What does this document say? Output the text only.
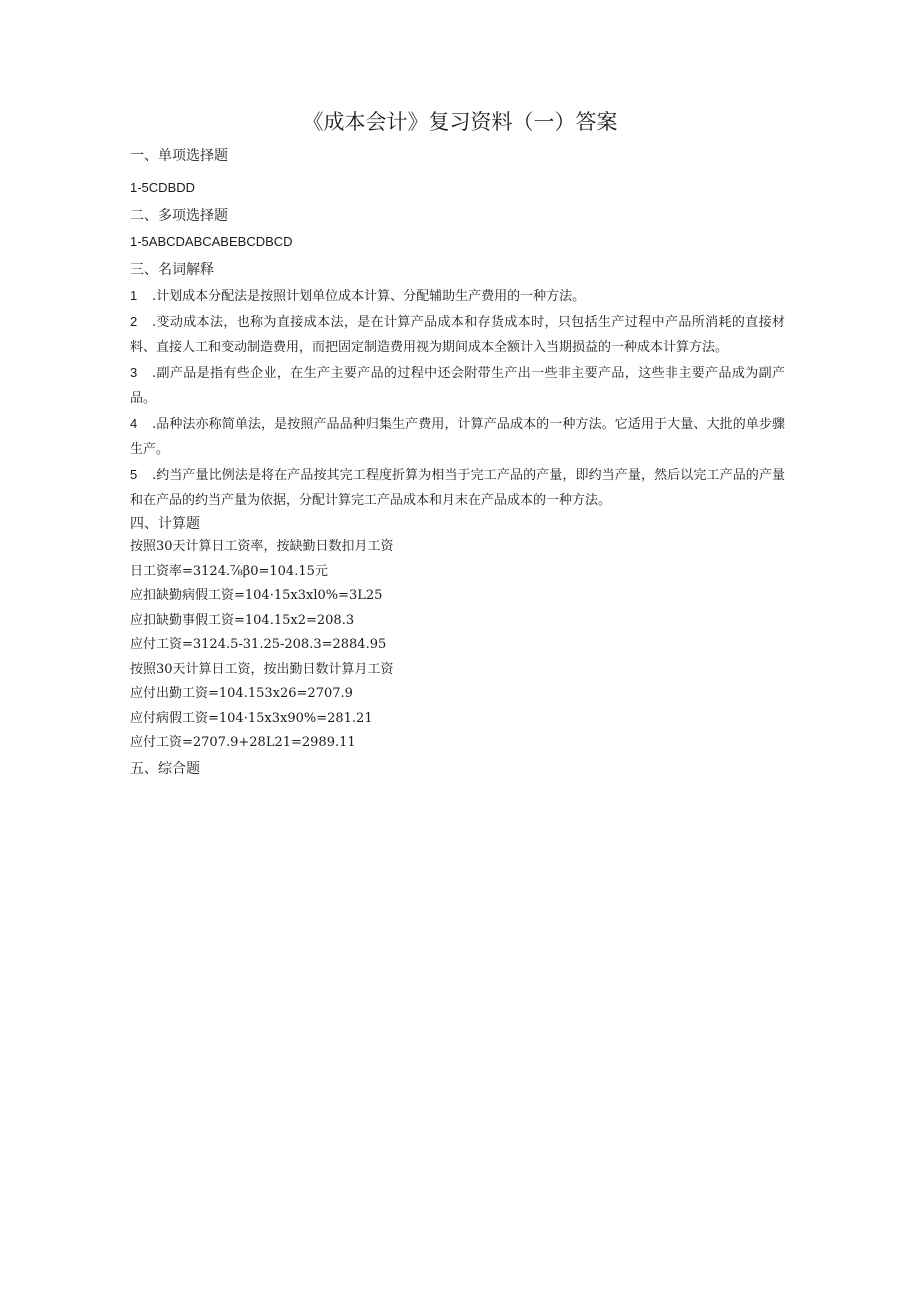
《成本会计》复习资料（一）答案

一、单项选择题

1-5CDBDD

二、多项选择题

1-5ABCDABCABEBCDBCD

三、名词解释

1 .计划成本分配法是按照计划单位成本计算、分配辅助生产费用的一种方法。

2 .变动成本法，也称为直接成本法，是在计算产品成本和存货成本时，只包括生产过程中产品所消耗的直接材料、直接人工和变动制造费用，而把固定制造费用视为期间成本全额计入当期损益的一种成本计算方法。

3 .副产品是指有些企业，在生产主要产品的过程中还会附带生产出一些非主要产品，这些非主要产品成为副产品。

4 .品种法亦称简单法，是按照产品品种归集生产费用，计算产品成本的一种方法。它适用于大量、大批的单步骤生产。

5 .约当产量比例法是将在产品按其完工程度折算为相当于完工产品的产量，即约当产量，然后以完工产品的产量和在产品的约当产量为依据，分配计算完工产品成本和月末在产品成本的一种方法。

四、计算题

按照30天计算日工资率，按缺勤日数扣月工资

日工资率=3124.⅞β0=104.15元

应扣缺勤病假工资=104·15x3xl0%=3L25

应扣缺勤事假工资=104.15x2=208.3

应付工资=3124.5-31.25-208.3=2884.95

按照30天计算日工资，按出勤日数计算月工资

应付出勤工资=104.153x26=2707.9

应付病假工资=104·15x3x90%=281.21

应付工资=2707.9+28L21=2989.11

五、综合题
